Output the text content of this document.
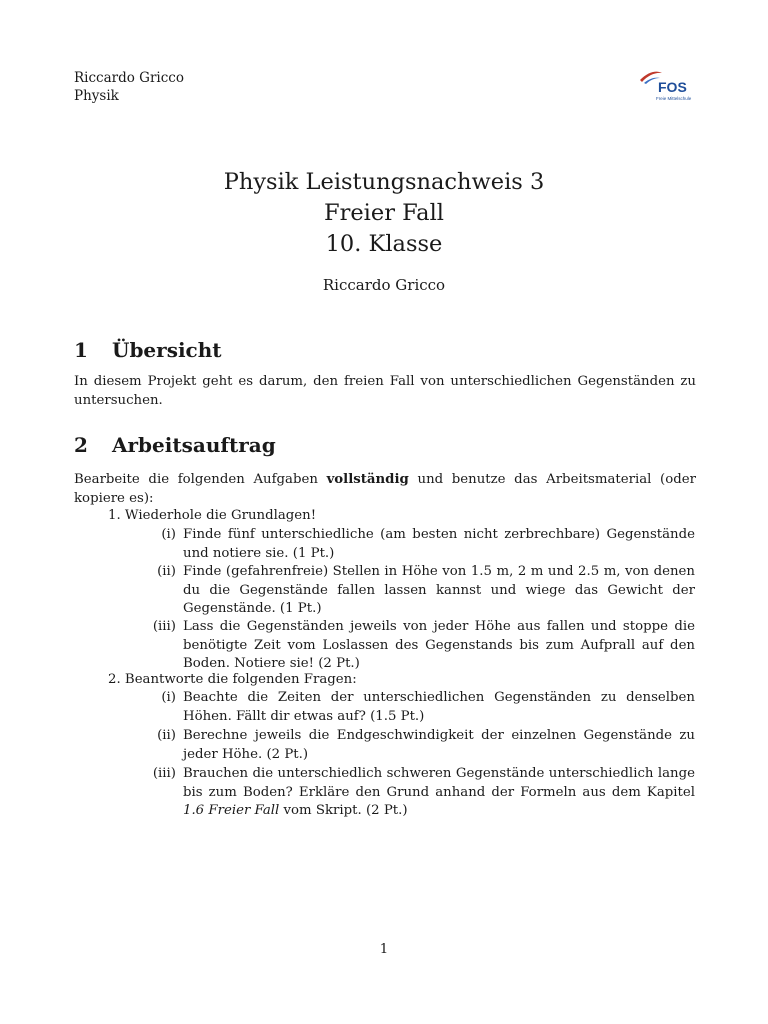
Riccardo Gricco
Physik
FOS
Freie Mittelschule
Physik Leistungsnachweis 3
Freier Fall
10. Klasse
Riccardo Gricco
1 Übersicht
In diesem Projekt geht es darum, den freien Fall von unterschiedlichen Gegenständen zu untersuchen.
2 Arbeitsauftrag
Bearbeite die folgenden Aufgaben vollständig und benutze das Arbeitsmaterial (oder kopiere es):
1. Wiederhole die Grundlagen!
(i) Finde fünf unterschiedliche (am besten nicht zerbrechbare) Gegenstände und notiere sie. (1 Pt.)
(ii) Finde (gefahrenfreie) Stellen in Höhe von 1.5 m, 2 m und 2.5 m, von denen du die Gegenstände fallen lassen kannst und wiege das Gewicht der Gegenstände. (1 Pt.)
(iii) Lass die Gegenständen jeweils von jeder Höhe aus fallen und stoppe die benötigte Zeit vom Loslassen des Gegenstands bis zum Aufprall auf den Boden. Notiere sie! (2 Pt.)
2. Beantworte die folgenden Fragen:
(i) Beachte die Zeiten der unterschiedlichen Gegenständen zu denselben Höhen. Fällt dir etwas auf? (1.5 Pt.)
(ii) Berechne jeweils die Endgeschwindigkeit der einzelnen Gegenstände zu jeder Höhe. (2 Pt.)
(iii) Brauchen die unterschiedlich schweren Gegenstände unterschiedlich lange bis zum Boden? Erkläre den Grund anhand der Formeln aus dem Kapitel 1.6 Freier Fall vom Skript. (2 Pt.)
1
